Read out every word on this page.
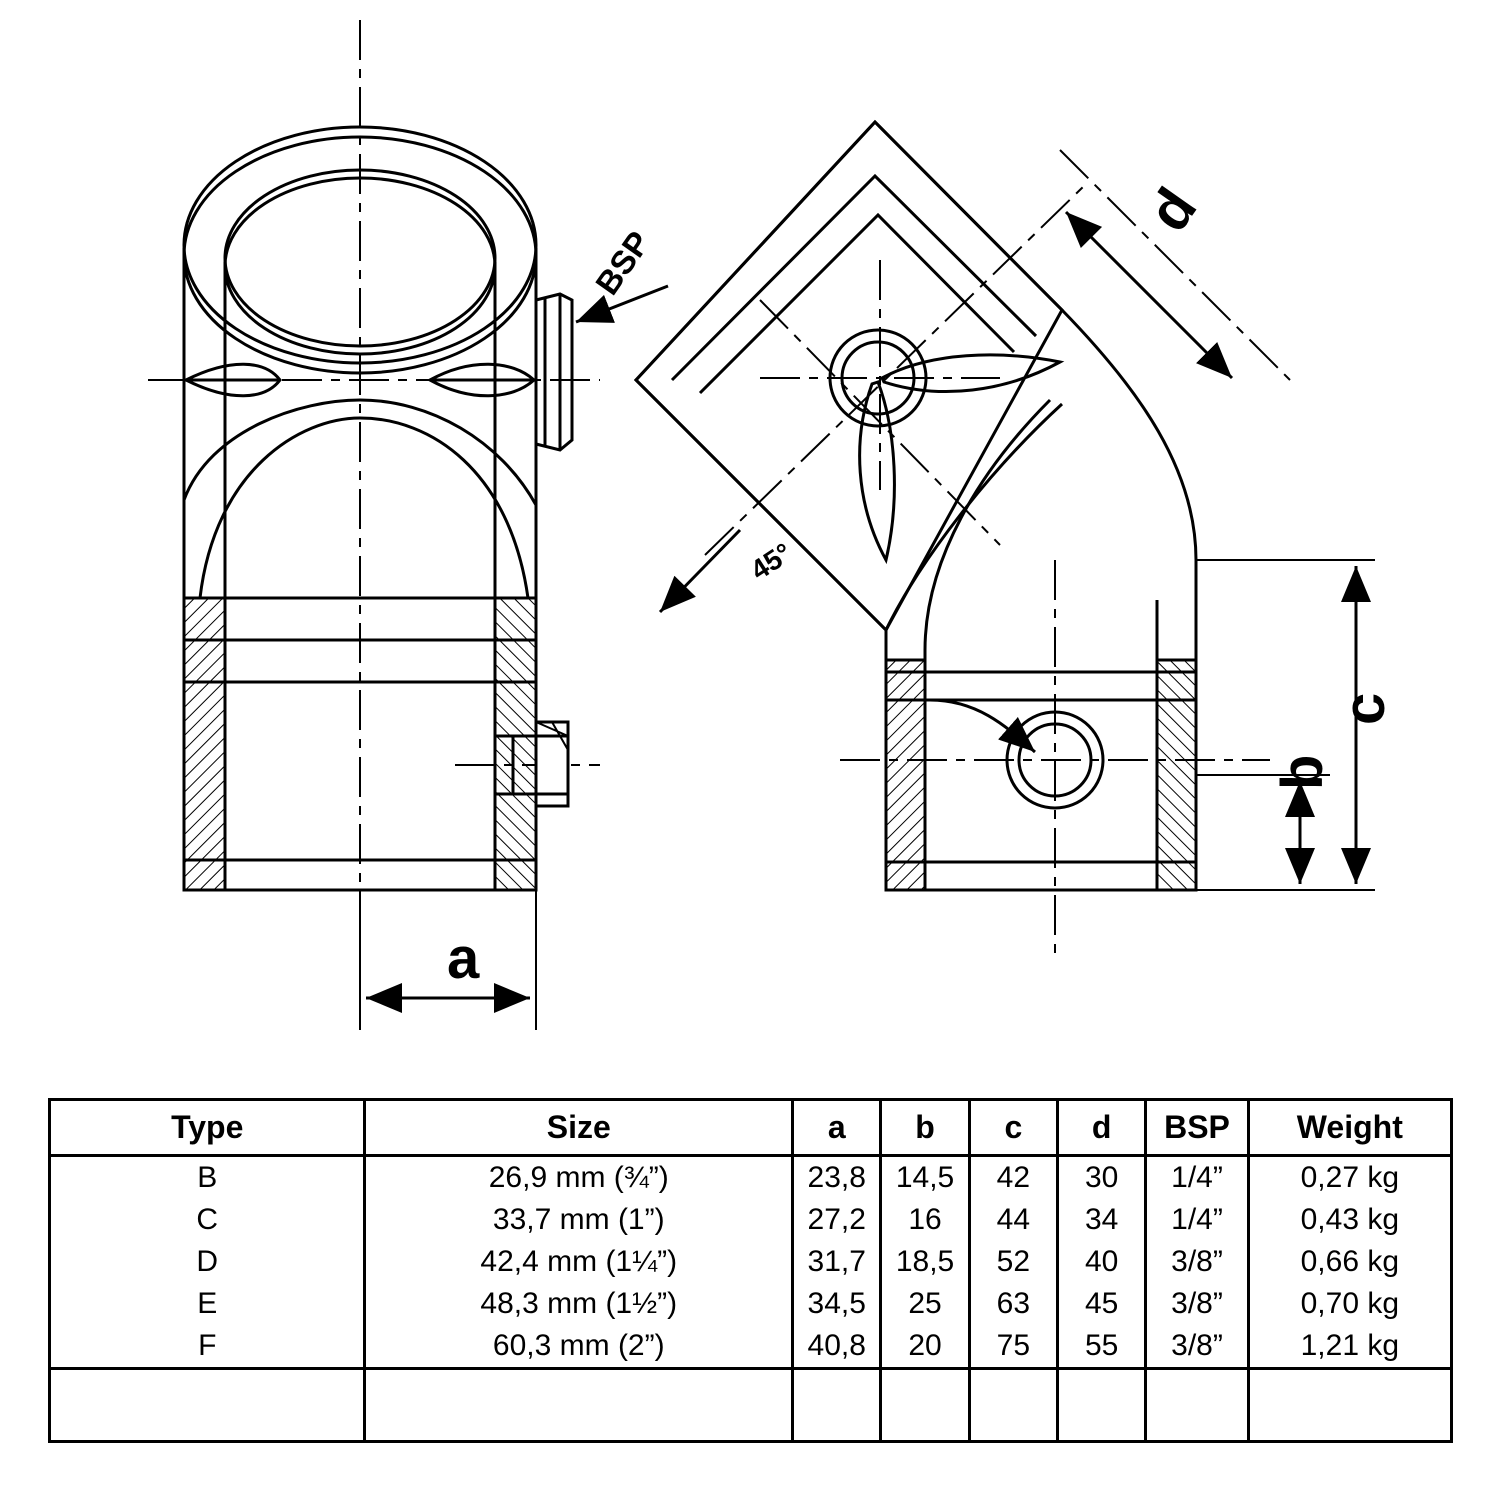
a
b
c
d
BSP
45°
Type	Size	a	b	c	d	BSP	Weight
B	26,9 mm (¾”)	23,8	14,5	42	30	1/4”	0,27 kg
C	33,7 mm (1”)	27,2	16	44	34	1/4”	0,43 kg
D	42,4 mm (1¼”)	31,7	18,5	52	40	3/8”	0,66 kg
E	48,3 mm (1½”)	34,5	25	63	45	3/8”	0,70 kg
F	60,3 mm (2”)	40,8	20	75	55	3/8”	1,21 kg
